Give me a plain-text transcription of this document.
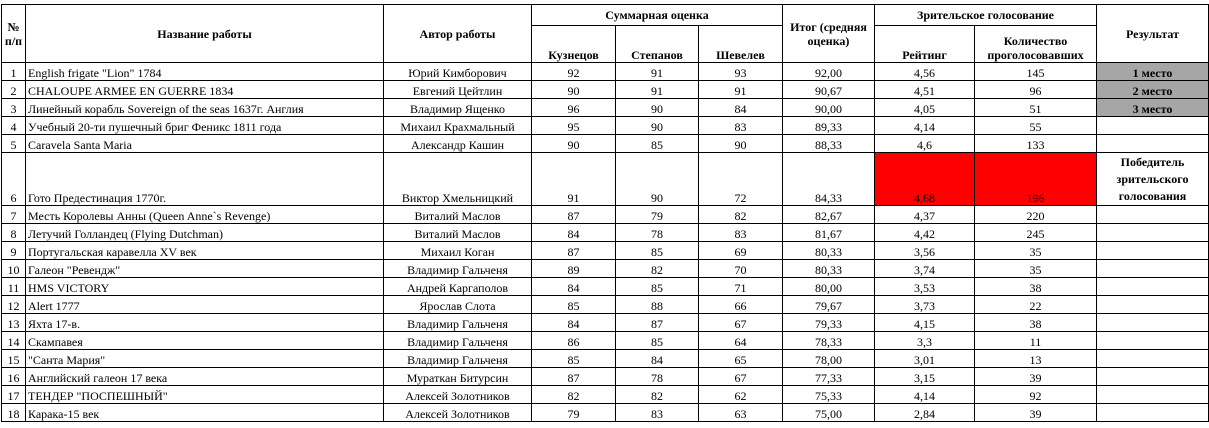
№ п/п	Название работы	Автор работы	Суммарная оценка			Итог (средняя оценка)	Зрительское голосование		Результат
			Кузнецов	Степанов	Шевелев		Рейтинг	Количество проголосовавших	
1	English frigate "Lion" 1784	Юрий Кимборович	92	91	93	92,00	4,56	145	1 место
2	CHALOUPE ARMEE EN GUERRE 1834	Евгений Цейтлин	90	91	91	90,67	4,51	96	2 место
3	Линейный корабль Sovereign of the seas 1637г. Англия	Владимир Ященко	96	90	84	90,00	4,05	51	3 место
4	Учебный 20-ти пушечный бриг Феникс 1811 года	Михаил Крахмальный	95	90	83	89,33	4,14	55	
5	Caravela Santa Maria	Александр Кашин	90	85	90	88,33	4,6	133	
6	Гото Предестинация 1770г.	Виктор Хмельницкий	91	90	72	84,33	4,68	196	Победитель зрительского голосования
7	Месть Королевы Анны (Queen Anne`s Revenge)	Виталий Маслов	87	79	82	82,67	4,37	220	
8	Летучий Голландец (Flying Dutchman)	Виталий Маслов	84	78	83	81,67	4,42	245	
9	Португальская каравелла XV век	Михаил Коган	87	85	69	80,33	3,56	35	
10	Галеон "Ревендж"	Владимир Гальченя	89	82	70	80,33	3,74	35	
11	HMS VICTORY	Андрей Каргаполов	84	85	71	80,00	3,53	38	
12	Alert 1777	Ярослав Слота	85	88	66	79,67	3,73	22	
13	Яхта 17-в.	Владимир Гальченя	84	87	67	79,33	4,15	38	
14	Скампавея	Владимир Гальченя	86	85	64	78,33	3,3	11	
15	"Санта Мария"	Владимир Гальченя	85	84	65	78,00	3,01	13	
16	Английский галеон 17 века	Мураткан Битурсин	87	78	67	77,33	3,15	39	
17	ТЕНДЕР "ПОСПЕШНЫЙ"	Алексей Золотников	82	82	62	75,33	4,14	92	
18	Карака-15 век	Алексей Золотников	79	83	63	75,00	2,84	39	
